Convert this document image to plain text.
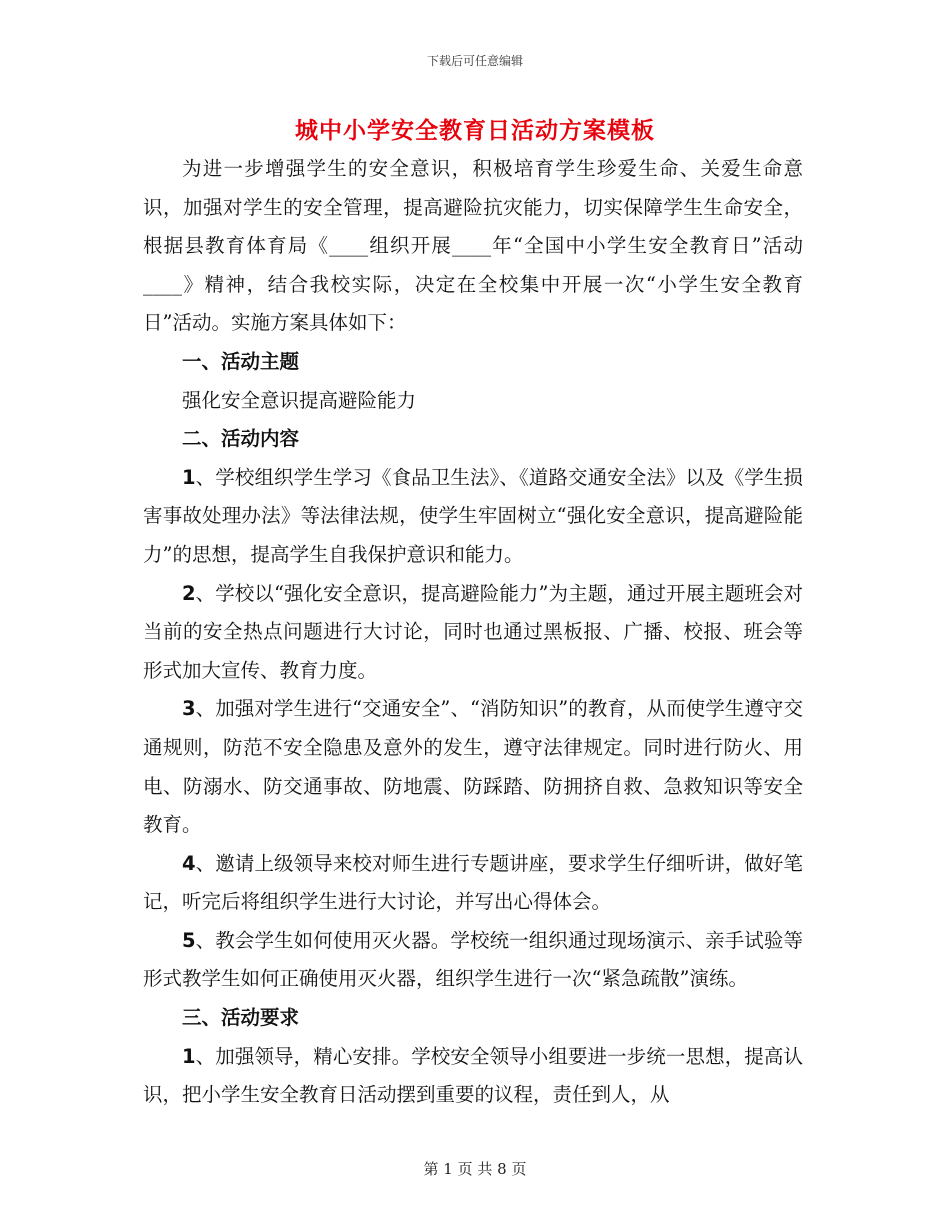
下载后可任意编辑
城中小学安全教育日活动方案模板

为进一步增强学生的安全意识，积极培育学生珍爱生命、关爱生命意识，加强对学生的安全管理，提高避险抗灾能力，切实保障学生生命安全，根据县教育体育局《____组织开展____年“全国中小学生安全教育日”活动____》精神，结合我校实际，决定在全校集中开展一次“小学生安全教育日”活动。实施方案具体如下：

一、活动主题

强化安全意识提高避险能力

二、活动内容

1、学校组织学生学习《食品卫生法》、《道路交通安全法》以及《学生损害事故处理办法》等法律法规，使学生牢固树立“强化安全意识，提高避险能力”的思想，提高学生自我保护意识和能力。

2、学校以“强化安全意识，提高避险能力”为主题，通过开展主题班会对当前的安全热点问题进行大讨论，同时也通过黑板报、广播、校报、班会等形式加大宣传、教育力度。

3、加强对学生进行“交通安全”、“消防知识”的教育，从而使学生遵守交通规则，防范不安全隐患及意外的发生，遵守法律规定。同时进行防火、用电、防溺水、防交通事故、防地震、防踩踏、防拥挤自救、急救知识等安全教育。

4、邀请上级领导来校对师生进行专题讲座，要求学生仔细听讲，做好笔记，听完后将组织学生进行大讨论，并写出心得体会。

5、教会学生如何使用灭火器。学校统一组织通过现场演示、亲手试验等形式教学生如何正确使用灭火器，组织学生进行一次“紧急疏散”演练。

三、活动要求

1、加强领导，精心安排。学校安全领导小组要进一步统一思想，提高认识，把小学生安全教育日活动摆到重要的议程，责任到人，从

第 1 页 共 8 页
